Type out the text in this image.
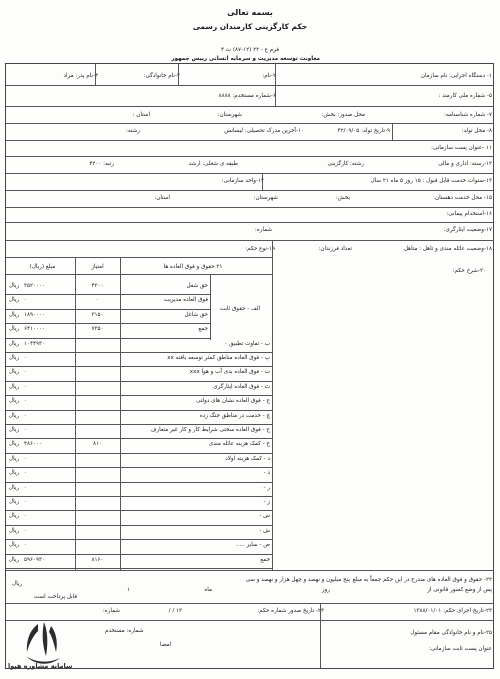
بسمه تعالی
حکم کارگزینی کارمندان رسمی
فرم ع - ۲۲ (۱۲-۸۷) ت ۴
معاونت توسعه مدیریت و سرمایه انسانی رییس جمهور
۱- دستگاه اجرایی: نام سازمان
۲-نام:
۳-نام خانوادگی:
۴-نام پدر: مراد
۵- شماره ملی کارمند :
۶-شماره مستخدم: ۸۸۸۸
۷- شماره شناسنامه:
محل صدور: بخش:
شهرستان:
استان :
۸- محل تولد:
۹-تاریخ تولد: ۴۲/۰۹/۰۵
۱۰-آخرین مدرک تحصیلی: لیسانس
رشته:
۱۱ -عنوان پست سازمانی:
۱۲-رسته: اداری و مالی
رشته: کارگزینی
طبقه ی شغلی: ارشد
رتبه: ۴۲۰۰
۱۳-سنوات خدمت قابل قبول : ۱۵ روز ۵ ماه ۲۱ سال
۱۴-واحد سازمانی:
۱۵- محل خدمت دهستان:
بخش:
شهرستان:
استان:
۱۶-استخدام پیمانی:
۱۷-وضعیت ایثارگری:
شماره:
۱۸-وضعیت عائله مندی و تاهل : متاهل
تعداد فرزندان:
۱۹-نوع حکم:
۲۰-شرح حکم:
۲۱ حقوق و فوق العاده ها
امتیاز
مبلغ (ریال)
الف - حقوق ثابت
حق شغل
۴۲۰۰
۳۵۲۰۰۰۰
ریال
فوق العاده مدیریت
۰
۰
ریال
حق شاغل
۳۱۵۰
۱۸۹۰۰۰۰
ریال
جمع
۷۳۵۰
۶۴۱۰۰۰۰
ریال
ب - تفاوت تطبیق ۰
۱۰۴۴۹۳۰
ریال
پ - فوق العاده مناطق کمتر توسعه یافته xx
۰
ریال
ت - فوق العاده بدی آب و هوا xxx
۰
ریال
ث - فوق العاده ایثارگری
۰
ریال
ج - فوق العاده نشان های دولتی
۰
ریال
چ - خدمت در مناطق جنگ زده
۰
ریال
ح - فوق العاده سختی شرایط کار و کار غیر متعارف
۰
ریال
خ - کمک هزینه عائله مندی
۸۱۰
۴۸۶۰۰۰
ریال
د - کمک هزینه اولاد
۰
ریال
ذ -
۰
ریال
ر -
۰
ریال
ز -
۰
ریال
س -
۰
ریال
ش -
۰
ریال
ص - سایر .....
۰
ریال
جمع
۸۱۶۰
۵۹۶۰۹۳۰
ریال
۲۲- حقوق و فوق العاده های مندرج در این حکم جمعاً به مبلغ
پنج میلیون و نهصد و چهل هزار و نهصد و سی
ریال
پس از وضع کسور قانونی از
روز
ماه
۱
قابل پرداخت است
۲۳-تاریخ اجرای حکم: ۱۳۸۸/۰۱/۰۱
۲۴- تاریخ صدور شماره حکم:
۱۳ / /
شماره:
۲۵-نام و نام خانوادگی مقام مسئول
عنوان پست ثابت سازمانی:
امضا
شماره: مستخدم
سامانه مشاوره هپوا
